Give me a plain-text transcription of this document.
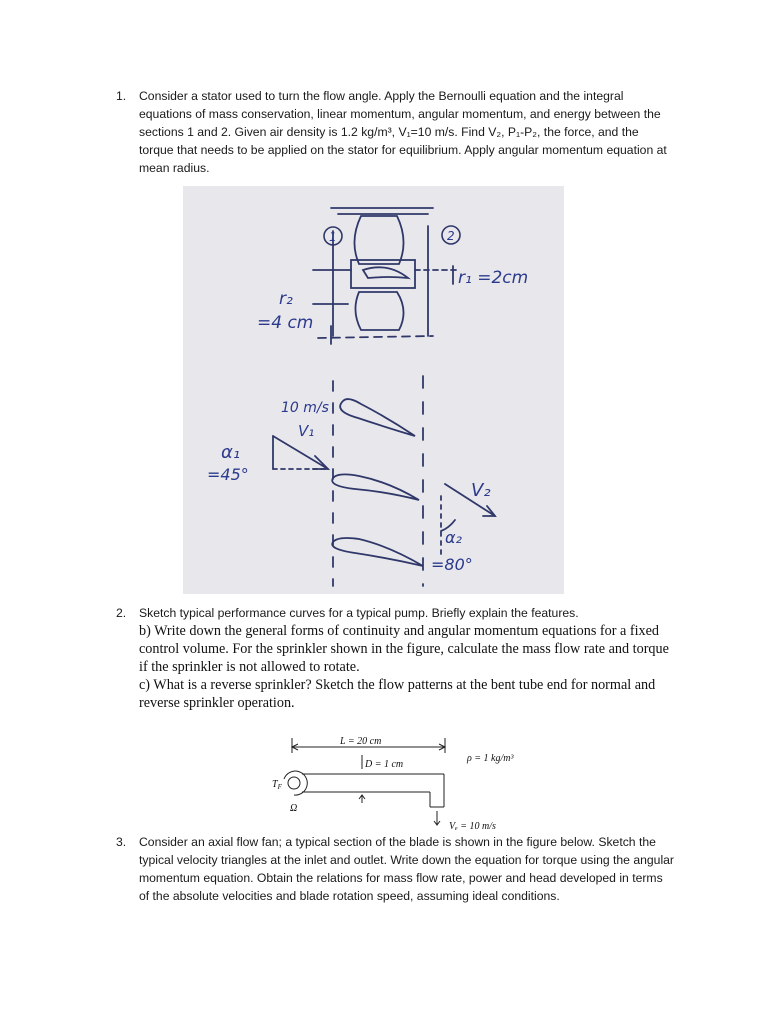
1. Consider a stator used to turn the flow angle. Apply the Bernoulli equation and the integral equations of mass conservation, linear momentum, angular momentum, and energy between the sections 1 and 2. Given air density is 1.2 kg/m³, V₁=10 m/s. Find V₂, P₁-P₂, the force, and the torque that needs to be applied on the stator for equilibrium. Apply angular momentum equation at mean radius.
1	2
r₁ =2cm
r₂
=4 cm
10 m/s
V₁
α₁
=45°
V₂
α₂
=80°
2. Sketch typical performance curves for a typical pump. Briefly explain the features.
b) Write down the general forms of continuity and angular momentum equations for a fixed control volume. For the sprinkler shown in the figure, calculate the mass flow rate and torque if the sprinkler is not allowed to rotate.
c) What is a reverse sprinkler? Sketch the flow patterns at the bent tube end for normal and reverse sprinkler operation.
L = 20 cm
D = 1 cm
ρ = 1 kg/m³
Vₑ = 10 m/s
$T_F$
Ω
3. Consider an axial flow fan; a typical section of the blade is shown in the figure below. Sketch the typical velocity triangles at the inlet and outlet. Write down the equation for torque using the angular momentum equation. Obtain the relations for mass flow rate, power and head developed in terms of the absolute velocities and blade rotation speed, assuming ideal conditions.
